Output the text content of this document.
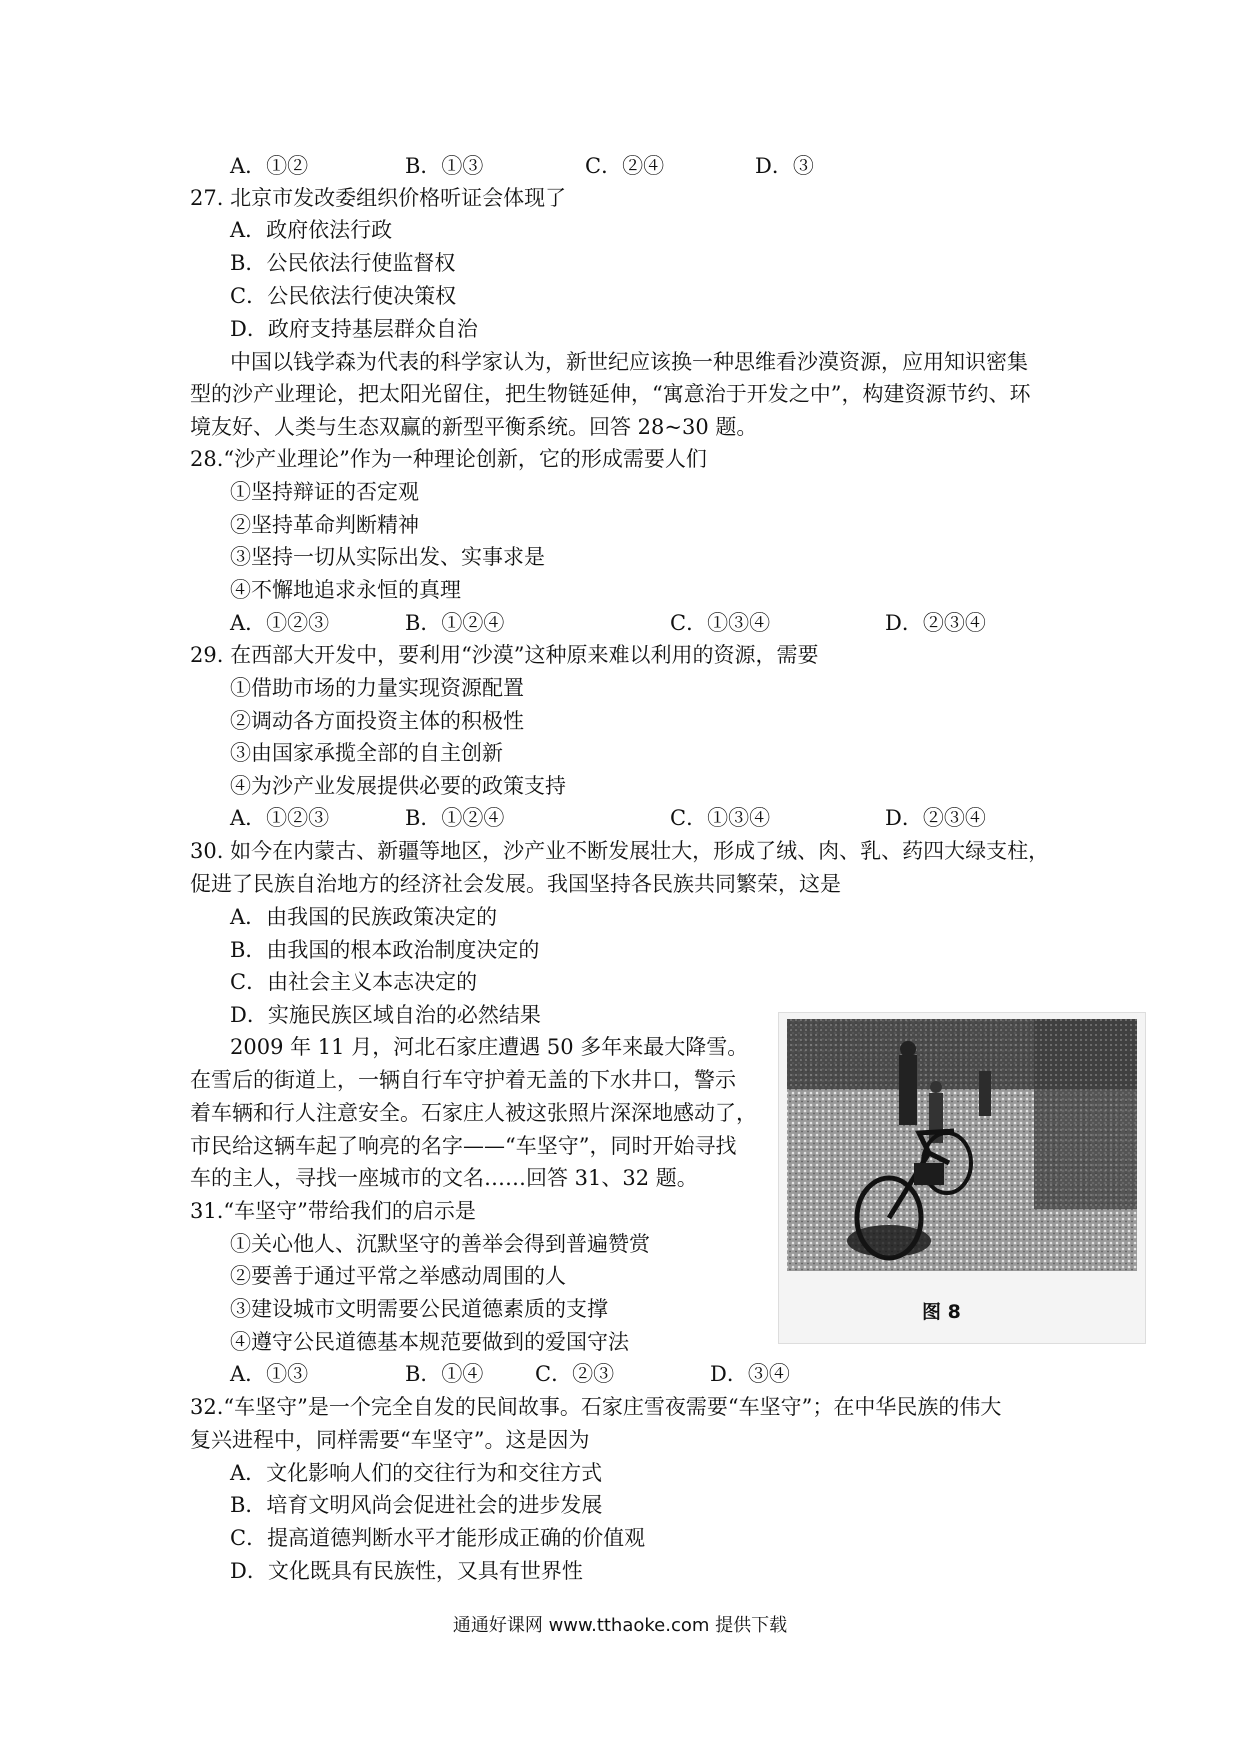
A．①②	B．①③	C．②④	D．③
27. 北京市发改委组织价格听证会体现了
A．政府依法行政
B．公民依法行使监督权
C．公民依法行使决策权
D．政府支持基层群众自治
中国以钱学森为代表的科学家认为，新世纪应该换一种思维看沙漠资源，应用知识密集
型的沙产业理论，把太阳光留住，把生物链延伸，“寓意治于开发之中”，构建资源节约、环
境友好、人类与生态双赢的新型平衡系统。回答 28~30 题。
28.“沙产业理论”作为一种理论创新，它的形成需要人们
①坚持辩证的否定观
②坚持革命判断精神
③坚持一切从实际出发、实事求是
④不懈地追求永恒的真理
A．①②③	B．①②④	C．①③④	D．②③④
29. 在西部大开发中，要利用“沙漠”这种原来难以利用的资源，需要
①借助市场的力量实现资源配置
②调动各方面投资主体的积极性
③由国家承揽全部的自主创新
④为沙产业发展提供必要的政策支持
A．①②③	B．①②④	C．①③④	D．②③④
30. 如今在内蒙古、新疆等地区，沙产业不断发展壮大，形成了绒、肉、乳、药四大绿支柱，
促进了民族自治地方的经济社会发展。我国坚持各民族共同繁荣，这是
A．由我国的民族政策决定的
B．由我国的根本政治制度决定的
C．由社会主义本志决定的
D．实施民族区域自治的必然结果
2009 年 11 月，河北石家庄遭遇 50 多年来最大降雪。
在雪后的街道上，一辆自行车守护着无盖的下水井口，警示
着车辆和行人注意安全。石家庄人被这张照片深深地感动了，
市民给这辆车起了响亮的名字——“车坚守”，同时开始寻找
车的主人，寻找一座城市的文名……回答 31、32 题。
图 8
31.“车坚守”带给我们的启示是
①关心他人、沉默坚守的善举会得到普遍赞赏
②要善于通过平常之举感动周围的人
③建设城市文明需要公民道德素质的支撑
④遵守公民道德基本规范要做到的爱国守法
A．①③	B．①④ C．②③	D．③④
32.“车坚守”是一个完全自发的民间故事。石家庄雪夜需要“车坚守”；在中华民族的伟大
复兴进程中，同样需要“车坚守”。这是因为
A．文化影响人们的交往行为和交往方式
B．培育文明风尚会促进社会的进步发展
C．提高道德判断水平才能形成正确的价值观
D．文化既具有民族性，又具有世界性
通通好课网 www.tthaoke.com 提供下载
